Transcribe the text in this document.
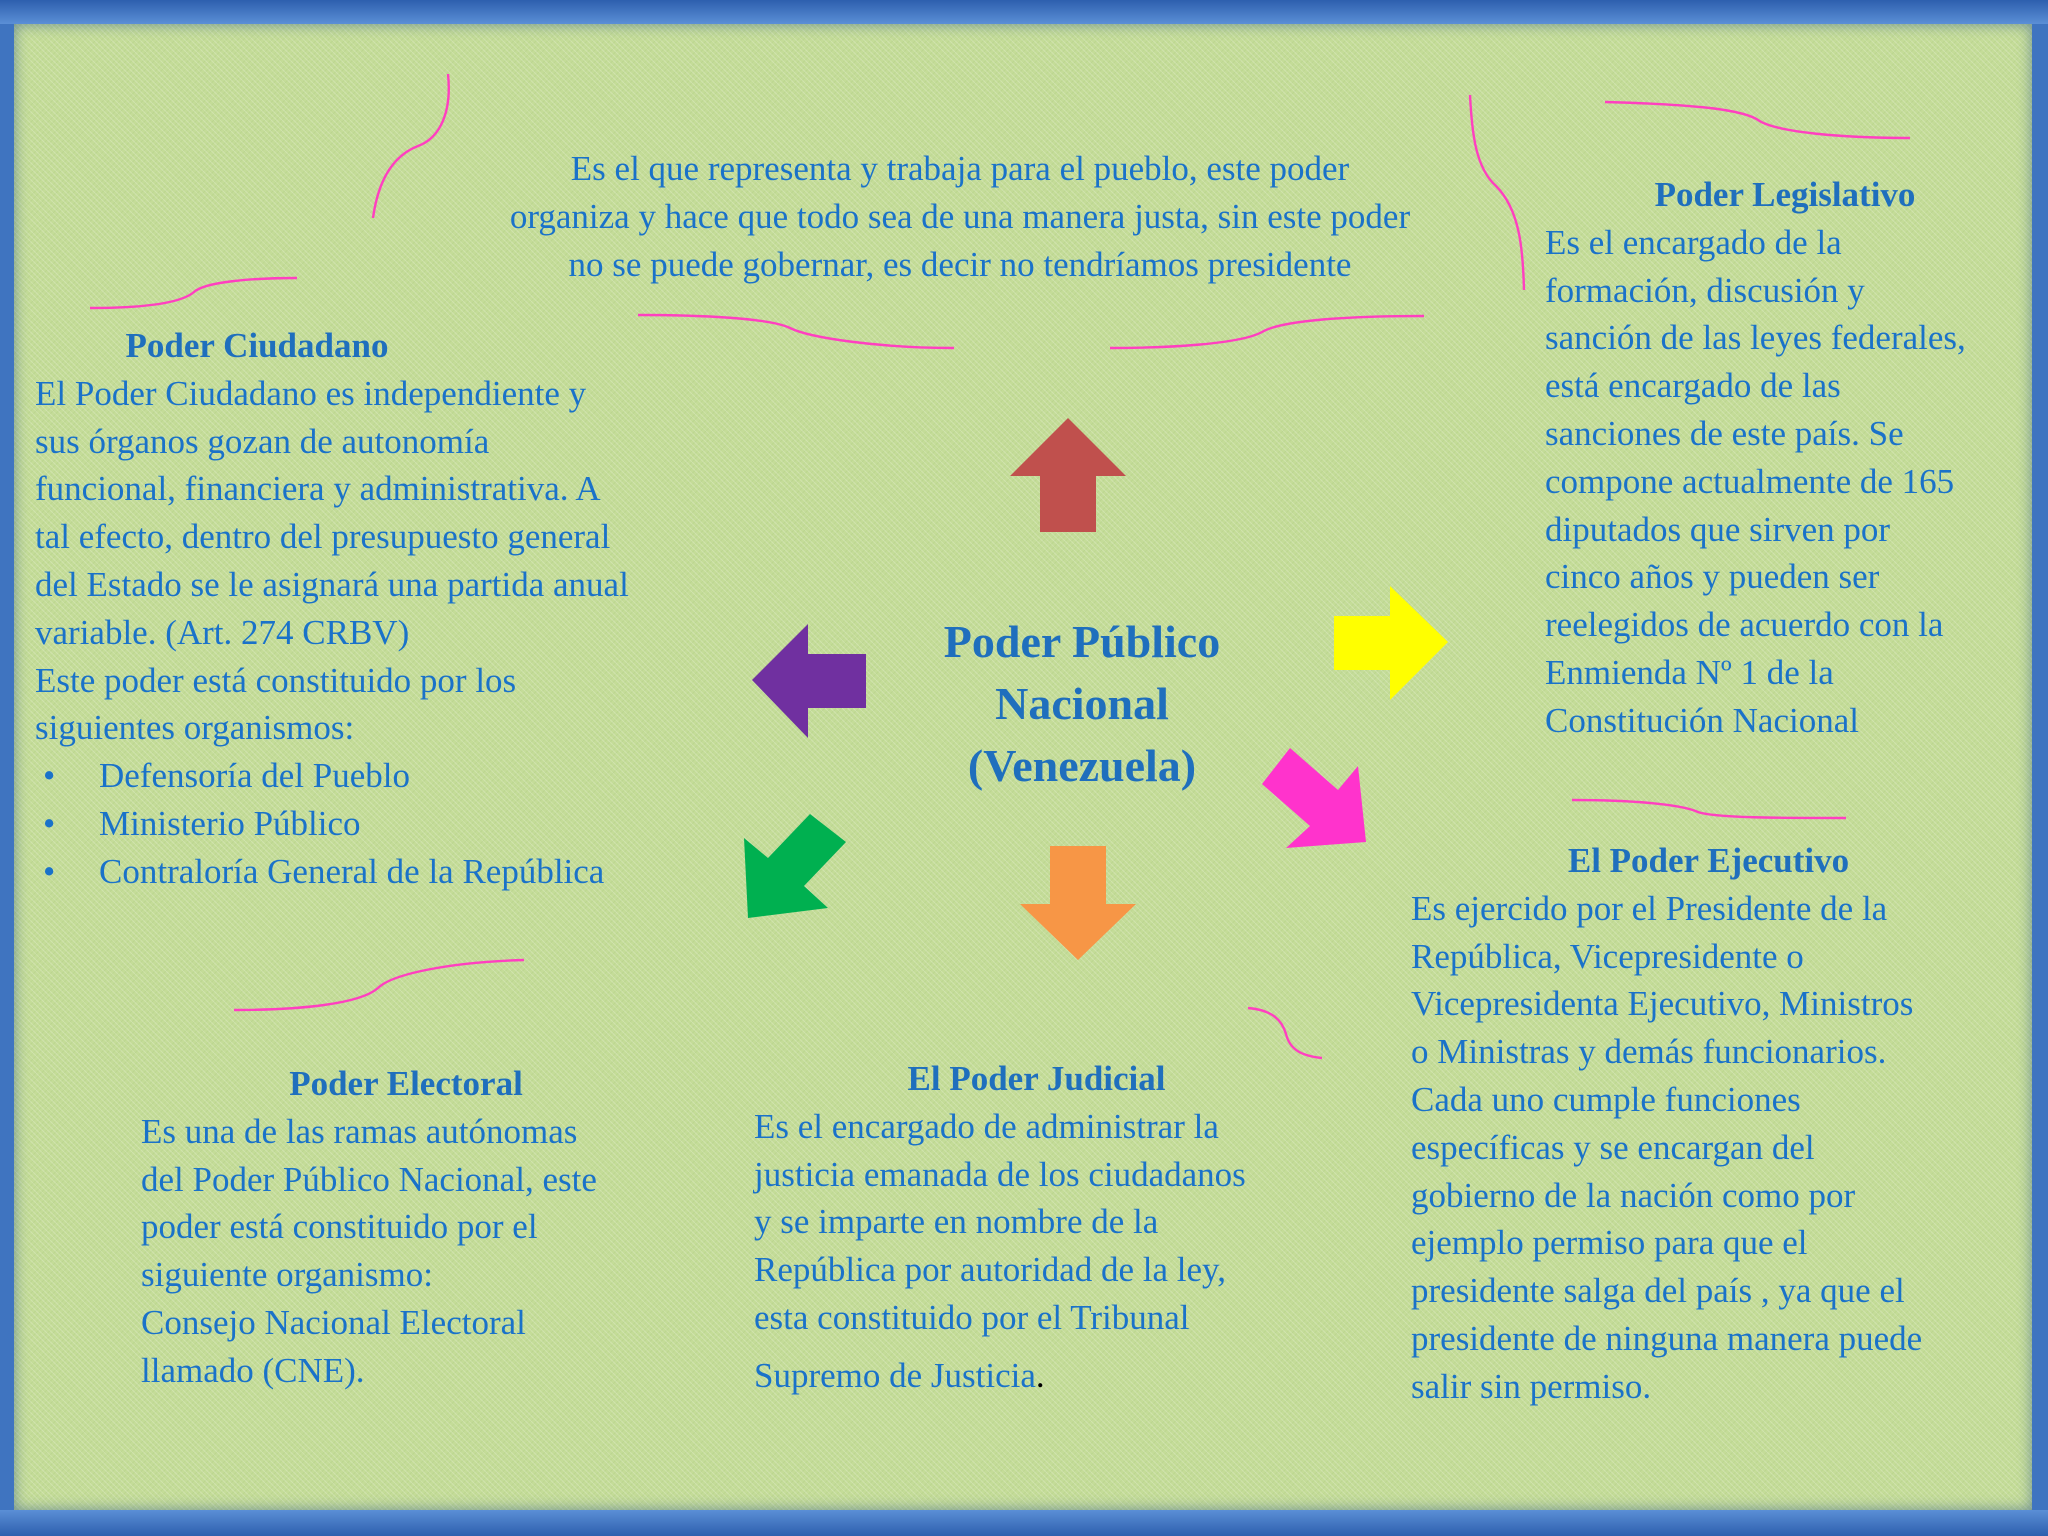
Es el que representa y trabaja para el pueblo, este poder
organiza y hace que todo sea de una manera justa, sin este poder
no se puede gobernar, es decir no tendríamos presidente
Poder Público
Nacional
(Venezuela)
Poder Ciudadano
El Poder Ciudadano es independiente y
sus órganos gozan de autonomía
funcional, financiera y administrativa. A
tal efecto, dentro del presupuesto general
del Estado se le asignará una partida anual
variable. (Art. 274 CRBV)
Este poder está constituido por los
siguientes organismos:
• Defensoría del Pueblo
• Ministerio Público
• Contraloría General de la República
Poder Legislativo
Es el encargado de la
formación, discusión y
sanción de las leyes federales,
está encargado de las
sanciones de este país. Se
compone actualmente de 165
diputados que sirven por
cinco años y pueden ser
reelegidos de acuerdo con la
Enmienda Nº 1 de la
Constitución Nacional
El Poder Ejecutivo
Es ejercido por el Presidente de la
República, Vicepresidente o
Vicepresidenta Ejecutivo, Ministros
o Ministras y demás funcionarios.
Cada uno cumple funciones
específicas y se encargan del
gobierno de la nación como por
ejemplo permiso para que el
presidente salga del país , ya que el
presidente de ninguna manera puede
salir sin permiso.
Poder Electoral
Es una de las ramas autónomas
del Poder Público Nacional, este
poder está constituido por el
siguiente organismo:
Consejo Nacional Electoral
llamado (CNE).
El Poder Judicial
Es el encargado de administrar la
justicia emanada de los ciudadanos
y se imparte en nombre de la
República por autoridad de la ley,
esta constituido por el Tribunal
Supremo de Justicia.
